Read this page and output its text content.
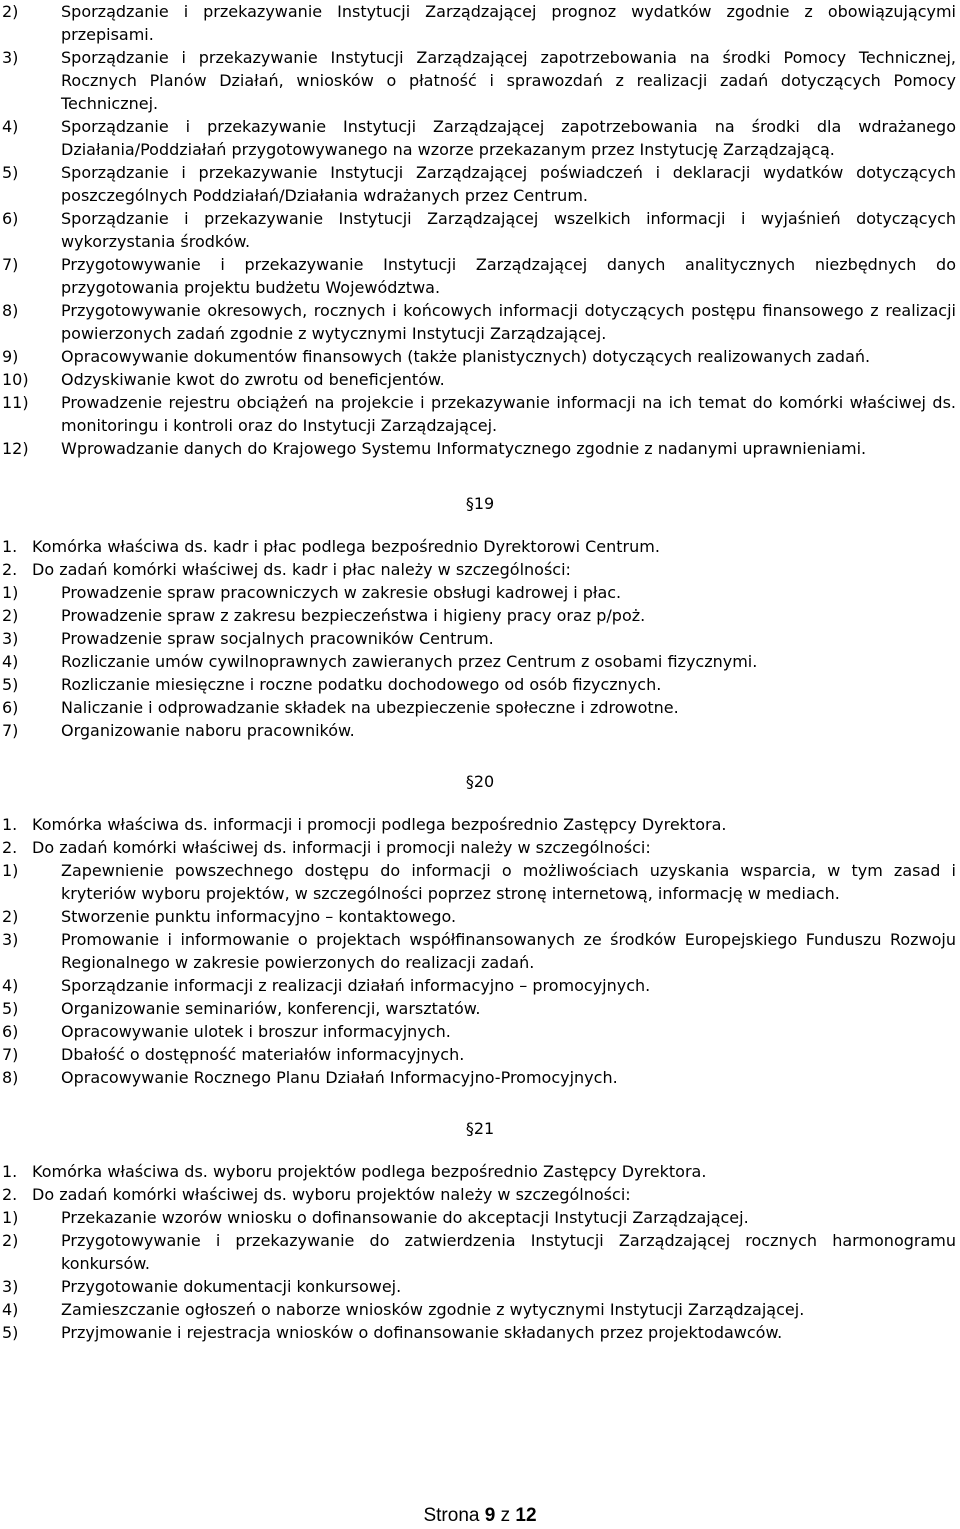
2)	Sporządzanie i przekazywanie Instytucji Zarządzającej prognoz wydatków zgodnie z obowiązującymi przepisami.
3)	Sporządzanie i przekazywanie Instytucji Zarządzającej zapotrzebowania na środki Pomocy Technicznej, Rocznych Planów Działań, wniosków o płatność i sprawozdań z realizacji zadań dotyczących Pomocy Technicznej.
4)	Sporządzanie i przekazywanie Instytucji Zarządzającej zapotrzebowania na środki dla wdrażanego Działania/Poddziałań przygotowywanego na wzorze przekazanym przez Instytucję Zarządzającą.
5)	Sporządzanie i przekazywanie Instytucji Zarządzającej poświadczeń i deklaracji wydatków dotyczących poszczególnych Poddziałań/Działania wdrażanych przez Centrum.
6)	Sporządzanie i przekazywanie Instytucji Zarządzającej wszelkich informacji i wyjaśnień dotyczących wykorzystania środków.
7)	Przygotowywanie i przekazywanie Instytucji Zarządzającej danych analitycznych niezbędnych do przygotowania projektu budżetu Województwa.
8)	Przygotowywanie okresowych, rocznych i końcowych informacji dotyczących postępu finansowego z realizacji powierzonych zadań zgodnie z wytycznymi Instytucji Zarządzającej.
9)	Opracowywanie dokumentów finansowych (także planistycznych) dotyczących realizowanych zadań.
10) Odzyskiwanie kwot do zwrotu od beneficjentów.
11) Prowadzenie rejestru obciążeń na projekcie i przekazywanie informacji na ich temat do komórki właściwej ds. monitoringu i kontroli oraz do Instytucji Zarządzającej.
12) Wprowadzanie danych do Krajowego Systemu Informatycznego zgodnie z nadanymi uprawnieniami.
§19
1. Komórka właściwa ds. kadr i płac podlega bezpośrednio Dyrektorowi Centrum.
2. Do zadań komórki właściwej ds. kadr i płac należy w szczególności:
1)	Prowadzenie spraw pracowniczych w zakresie obsługi kadrowej i płac.
2)	Prowadzenie spraw z zakresu bezpieczeństwa i higieny pracy oraz p/poż.
3)	Prowadzenie spraw socjalnych pracowników Centrum.
4)	Rozliczanie umów cywilnoprawnych zawieranych przez Centrum z osobami fizycznymi.
5)	Rozliczanie miesięczne i roczne podatku dochodowego od osób fizycznych.
6)	Naliczanie i odprowadzanie składek na ubezpieczenie społeczne i zdrowotne.
7)	Organizowanie naboru pracowników.
§20
1. Komórka właściwa ds. informacji i promocji podlega bezpośrednio Zastępcy Dyrektora.
2. Do zadań komórki właściwej ds. informacji i promocji należy w szczególności:
1)	Zapewnienie powszechnego dostępu do informacji o możliwościach uzyskania wsparcia, w tym zasad i kryteriów wyboru projektów, w szczególności poprzez stronę internetową, informację w mediach.
2)	Stworzenie punktu informacyjno – kontaktowego.
3)	Promowanie i informowanie o projektach współfinansowanych ze środków Europejskiego Funduszu Rozwoju Regionalnego w zakresie powierzonych do realizacji zadań.
4)	Sporządzanie informacji z realizacji działań informacyjno – promocyjnych.
5)	Organizowanie seminariów, konferencji, warsztatów.
6)	Opracowywanie ulotek i broszur informacyjnych.
7)	Dbałość o dostępność materiałów informacyjnych.
8)	Opracowywanie Rocznego Planu Działań Informacyjno-Promocyjnych.
§21
1. Komórka właściwa ds. wyboru projektów podlega bezpośrednio Zastępcy Dyrektora.
2. Do zadań komórki właściwej ds. wyboru projektów należy w szczególności:
1)	Przekazanie wzorów wniosku o dofinansowanie do akceptacji Instytucji Zarządzającej.
2)	Przygotowywanie i przekazywanie do zatwierdzenia Instytucji Zarządzającej rocznych harmonogramu konkursów.
3)	Przygotowanie dokumentacji konkursowej.
4)	Zamieszczanie ogłoszeń o naborze wniosków zgodnie z wytycznymi Instytucji Zarządzającej.
5)	Przyjmowanie i rejestracja wniosków o dofinansowanie składanych przez projektodawców.
Strona 9 z 12
